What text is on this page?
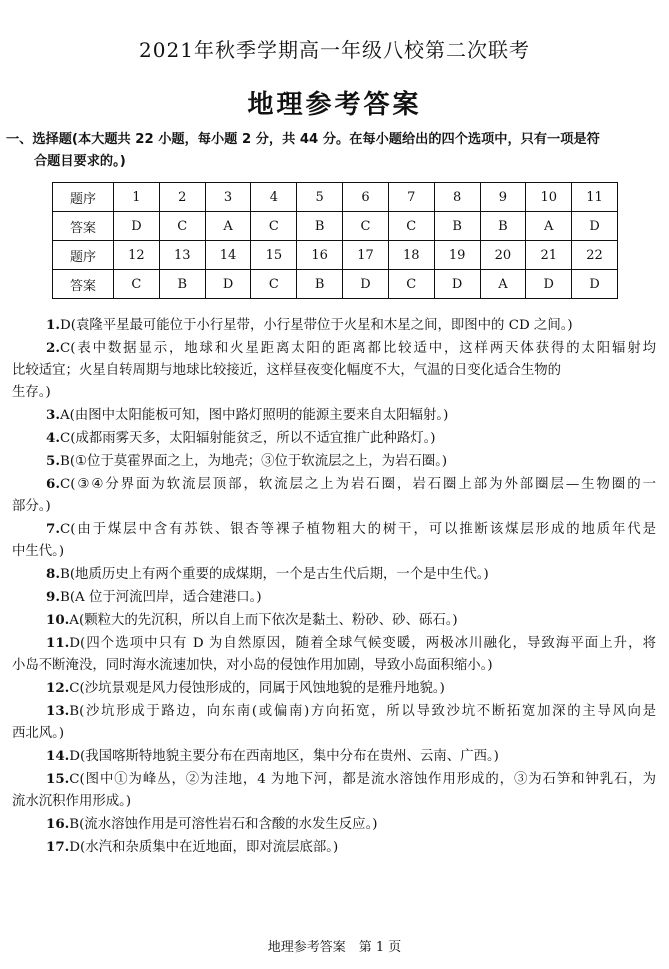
2021年秋季学期高一年级八校第二次联考
地理参考答案
一、选择题(本大题共 22 小题，每小题 2 分，共 44 分。在每小题给出的四个选项中，只有一项是符
合题目要求的。)
题序	1	2	3	4	5	6	7	8	9	10	11
答案	D	C	A	C	B	C	C	B	B	A	D
题序	12	13	14	15	16	17	18	19	20	21	22
答案	C	B	D	C	B	D	C	D	A	D	D
1.D(袁隆平星最可能位于小行星带，小行星带位于火星和木星之间，即图中的 CD 之间。)
2.C(表中数据显示，地球和火星距离太阳的距离都比较适中，这样两天体获得的太阳辐射均
比较适宜；火星自转周期与地球比较接近，这样昼夜变化幅度不大，气温的日变化适合生物的
生存。)
3.A(由图中太阳能板可知，图中路灯照明的能源主要来自太阳辐射。)
4.C(成都雨雾天多，太阳辐射能贫乏，所以不适宜推广此种路灯。)
5.B(①位于莫霍界面之上，为地壳；③位于软流层之上，为岩石圈。)
6.C(③④分界面为软流层顶部，软流层之上为岩石圈，岩石圈上部为外部圈层—生物圈的一
部分。)
7.C(由于煤层中含有苏铁、银杏等裸子植物粗大的树干，可以推断该煤层形成的地质年代是
中生代。)
8.B(地质历史上有两个重要的成煤期，一个是古生代后期，一个是中生代。)
9.B(A 位于河流凹岸，适合建港口。)
10.A(颗粒大的先沉积，所以自上而下依次是黏土、粉砂、砂、砾石。)
11.D(四个选项中只有 D 为自然原因，随着全球气候变暖，两极冰川融化，导致海平面上升，将
小岛不断淹没，同时海水流速加快，对小岛的侵蚀作用加剧，导致小岛面积缩小。)
12.C(沙坑景观是风力侵蚀形成的，同属于风蚀地貌的是雅丹地貌。)
13.B(沙坑形成于路边，向东南(或偏南)方向拓宽，所以导致沙坑不断拓宽加深的主导风向是
西北风。)
14.D(我国喀斯特地貌主要分布在西南地区，集中分布在贵州、云南、广西。)
15.C(图中①为峰丛，②为洼地，4 为地下河，都是流水溶蚀作用形成的，③为石笋和钟乳石，为
流水沉积作用形成。)
16.B(流水溶蚀作用是可溶性岩石和含酸的水发生反应。)
17.D(水汽和杂质集中在近地面，即对流层底部。)
地理参考答案　第 1 页
